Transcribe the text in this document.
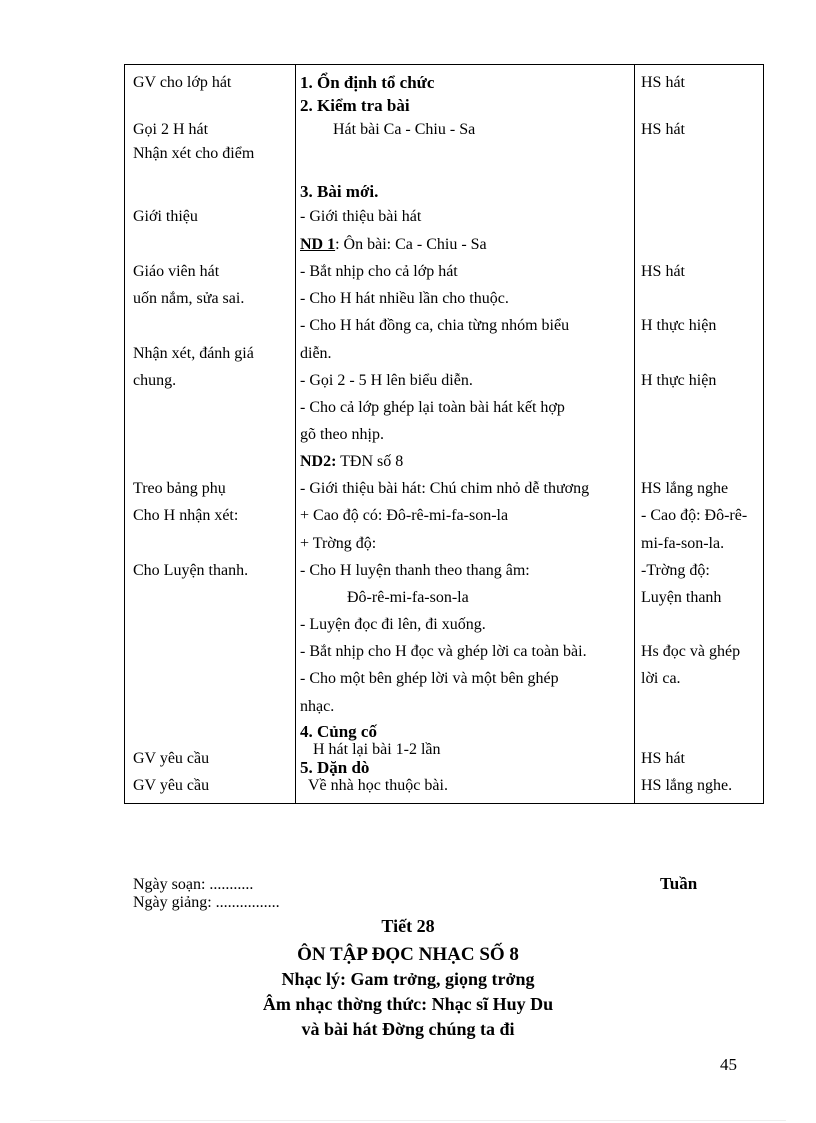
GV cho lớp hát
Gọi 2 H hát
Nhận xét cho điểm
Giới thiệu
Giáo viên hát
uốn nắm, sửa sai.
Nhận xét, đánh giá
chung.
Treo bảng phụ
Cho H nhận xét:
Cho Luyện thanh.
GV yêu cầu
GV yêu cầu
1. Ổn định tổ chức
2. Kiểm tra bài
Hát bài Ca - Chiu - Sa
3. Bài mới.
- Giới thiệu bài hát
ND 1: Ôn bài: Ca - Chiu - Sa
- Bắt nhịp cho cả lớp hát
- Cho H hát nhiều lần cho thuộc.
- Cho H hát đồng ca, chia từng nhóm biểu
diễn.
- Gọi 2 - 5 H lên biểu diễn.
- Cho cả lớp ghép lại toàn bài hát kết hợp
gõ theo nhịp.
ND2: TĐN số 8
- Giới thiệu bài hát: Chú chim nhỏ dễ thương
+ Cao độ có: Đô-rê-mi-fa-son-la
+ Trờng độ:
- Cho H luyện thanh theo thang âm:
Đô-rê-mi-fa-son-la
- Luyện đọc đi lên, đi xuống.
- Bắt nhịp cho H đọc và ghép lời ca toàn bài.
- Cho một bên ghép lời và một bên ghép
nhạc.
4. Củng cố
H hát lại bài 1-2 lần
5. Dặn dò
Về nhà học thuộc bài.
HS hát
HS hát
HS hát
H thực hiện
H thực hiện
HS lắng nghe
- Cao độ: Đô-rê-
mi-fa-son-la.
-Trờng độ:
Luyện thanh
Hs đọc và ghép
lời ca.
HS hát
HS lắng nghe.
Ngày soạn: ...........
Ngày giảng: ................
Tuần
Tiết 28
ÔN TẬP ĐỌC NHẠC SỐ 8
Nhạc lý: Gam trởng, giọng trởng
Âm nhạc thờng thức: Nhạc sĩ Huy Du
và bài hát Đờng chúng ta đi
45
